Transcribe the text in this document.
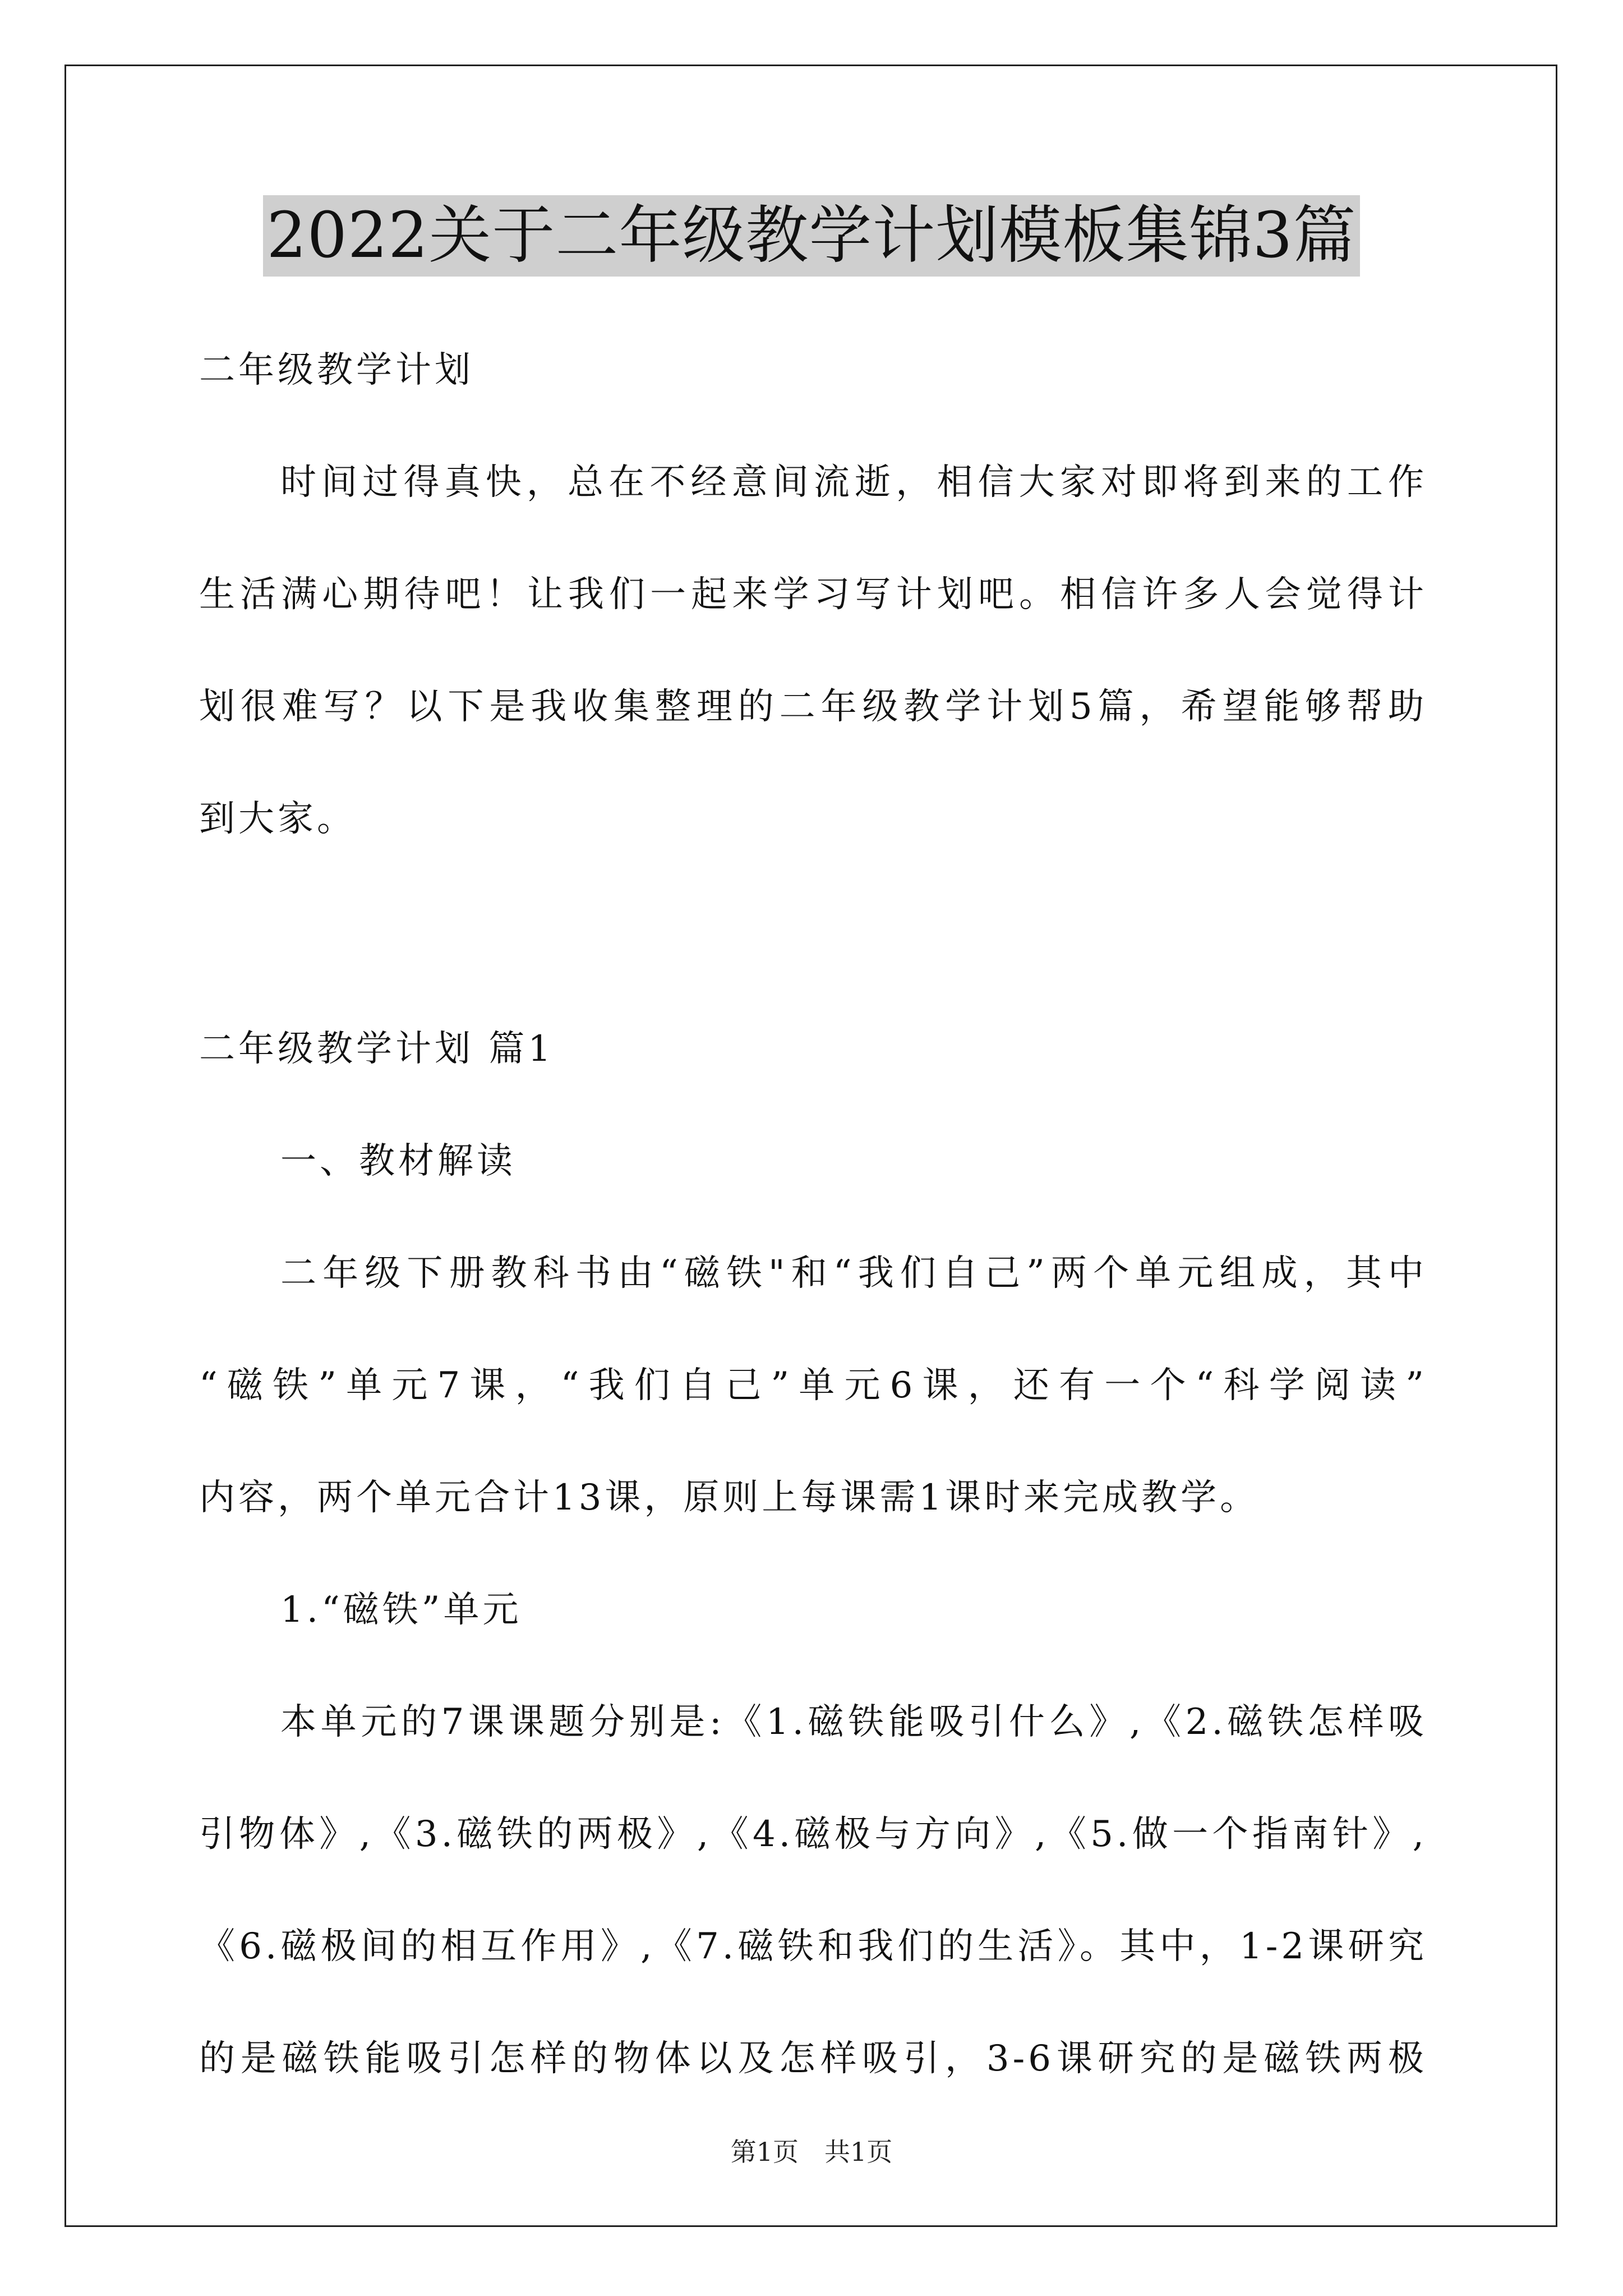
2022关于二年级教学计划模板集锦3篇

二年级教学计划

时间过得真快，总在不经意间流逝，相信大家对即将到来的工作

生活满心期待吧！让我们一起来学习写计划吧。相信许多人会觉得计

划很难写？以下是我收集整理的二年级教学计划5篇，希望能够帮助

到大家。

二年级教学计划 篇1

一、教材解读

二年级下册教科书由“磁铁"和“我们自己”两个单元组成，其中

“磁铁”单元7课，“我们自己”单元6课，还有一个“科学阅读”

内容，两个单元合计13课，原则上每课需1课时来完成教学。

1.“磁铁”单元

本单元的7课课题分别是:《1.磁铁能吸引什么》,《2.磁铁怎样吸

引物体》,《3.磁铁的两极》,《4.磁极与方向》,《5.做一个指南针》,

《6.磁极间的相互作用》,《7.磁铁和我们的生活》。其中，1-2课研究

的是磁铁能吸引怎样的物体以及怎样吸引，3-6课研究的是磁铁两极

第1页　共1页
